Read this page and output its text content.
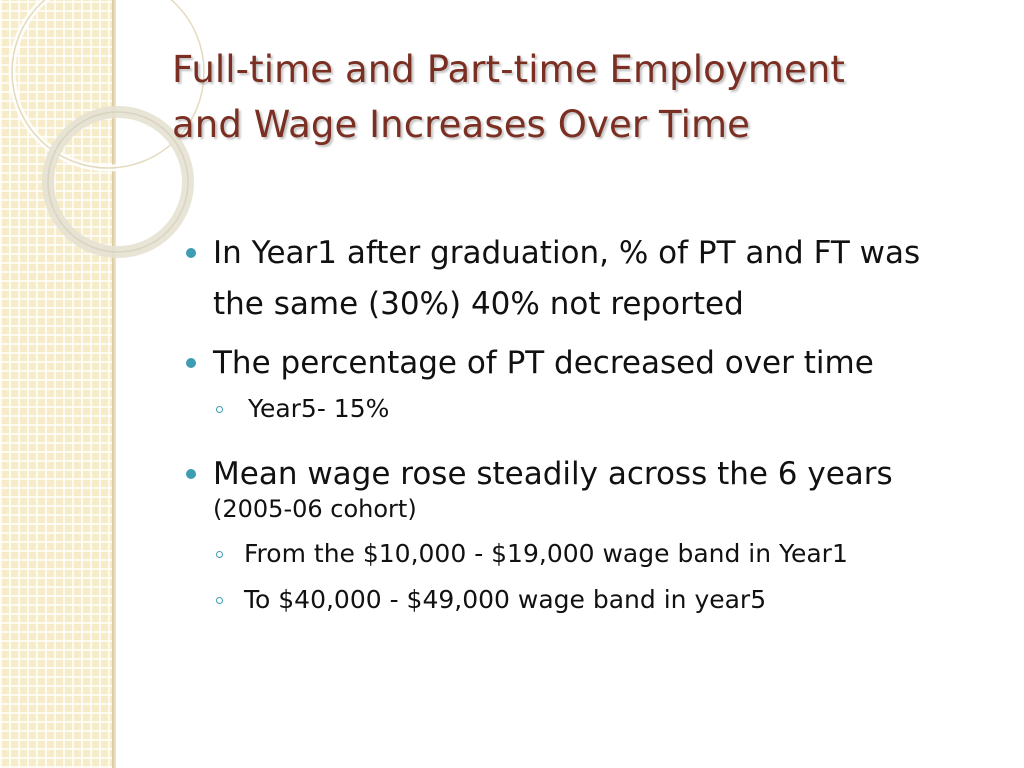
Full-time and Part-time Employment
and Wage Increases Over Time
In Year1 after graduation, % of PT and FT was the same (30%) 40% not reported
The percentage of PT decreased over time
Year5- 15%
Mean wage rose steadily across the 6 years
(2005-06 cohort)
From the $10,000 - $19,000 wage band in Year1
To $40,000 - $49,000 wage band in year5
